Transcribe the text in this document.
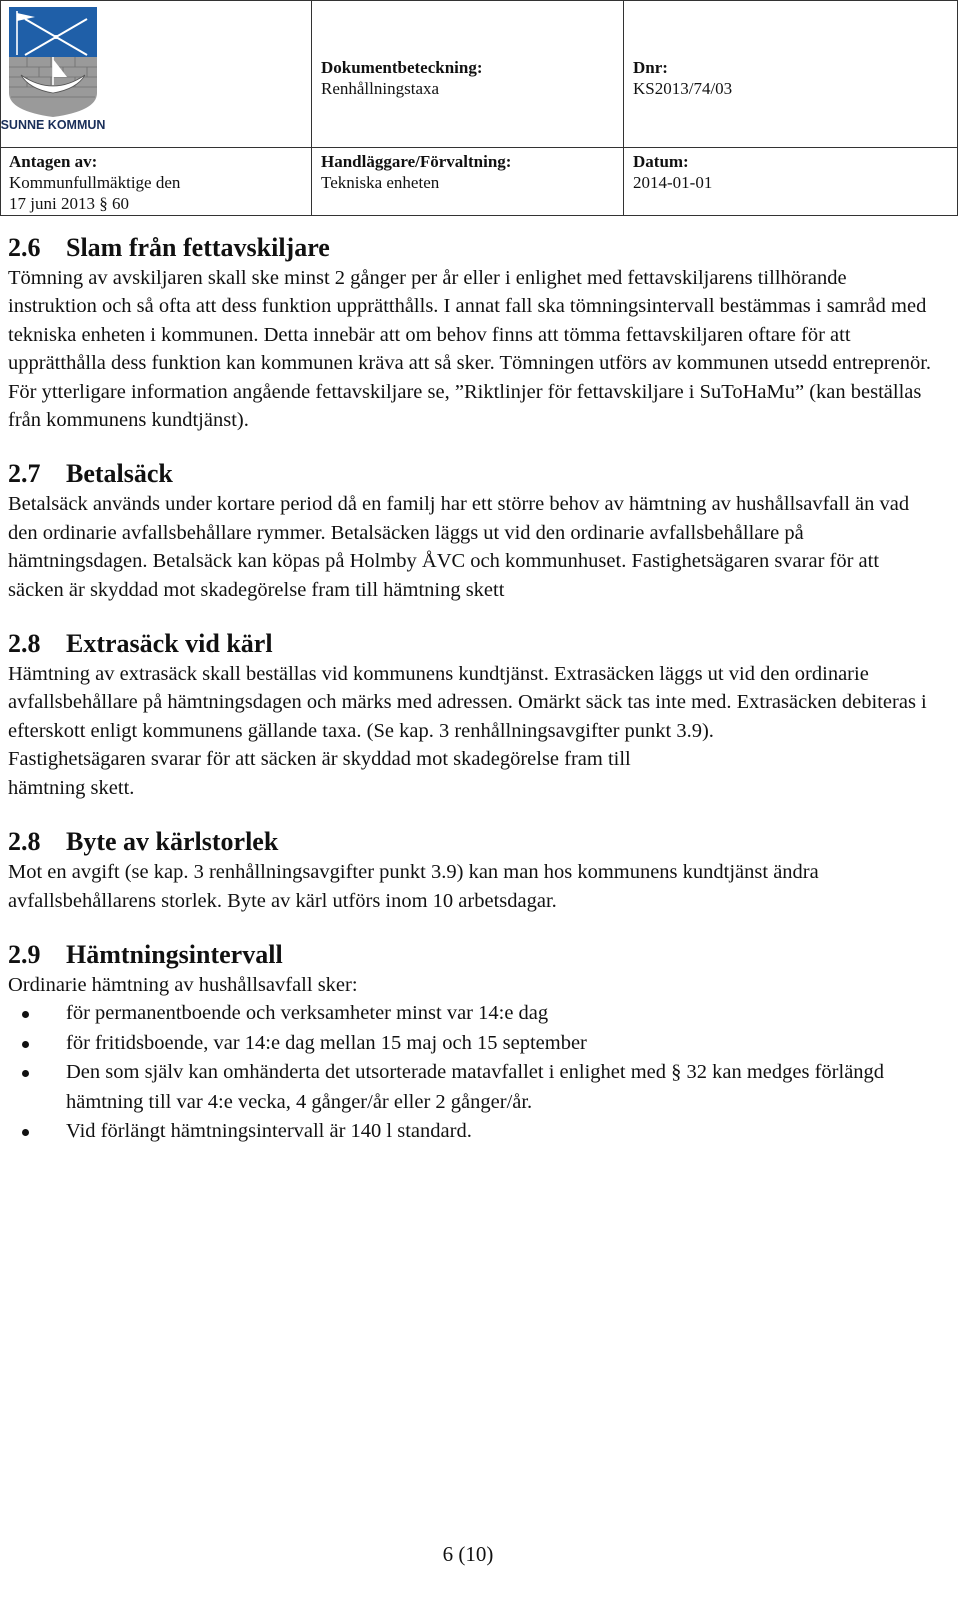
SUNNE KOMMUN
Dokumentbeteckning:
Renhållningstaxa
Dnr:
KS2013/74/03
Antagen av:
Kommunfullmäktige den
17 juni 2013 § 60
Handläggare/Förvaltning:
Tekniska enheten
Datum:
2014-01-01
2.6 Slam från fettavskiljare

Tömning av avskiljaren skall ske minst 2 gånger per år eller i enlighet med fettavskiljarens tillhörande instruktion och så ofta att dess funktion upprätthålls. I annat fall ska tömningsintervall bestämmas i samråd med tekniska enheten i kommunen. Detta innebär att om behov finns att tömma fettavskiljaren oftare för att upprätthålla dess funktion kan kommunen kräva att så sker. Tömningen utförs av kommunen utsedd entreprenör. För ytterligare information angående fettavskiljare se, ”Riktlinjer för fettavskiljare i SuToHaMu” (kan beställas från kommunens kundtjänst).

2.7 Betalsäck

Betalsäck används under kortare period då en familj har ett större behov av hämtning av hushållsavfall än vad den ordinarie avfallsbehållare rymmer. Betalsäcken läggs ut vid den ordinarie avfallsbehållare på hämtningsdagen. Betalsäck kan köpas på Holmby ÅVC och kommunhuset. Fastighetsägaren svarar för att säcken är skyddad mot skadegörelse fram till hämtning skett

2.8 Extrasäck vid kärl

Hämtning av extrasäck skall beställas vid kommunens kundtjänst. Extrasäcken läggs ut vid den ordinarie avfallsbehållare på hämtningsdagen och märks med adressen. Omärkt säck tas inte med. Extrasäcken debiteras i efterskott enligt kommunens gällande taxa. (Se kap. 3 renhållningsavgifter punkt 3.9).

Fastighetsägaren svarar för att säcken är skyddad mot skadegörelse fram till

hämtning skett.

2.8 Byte av kärlstorlek

Mot en avgift (se kap. 3 renhållningsavgifter punkt 3.9) kan man hos kommunens kundtjänst ändra avfallsbehållarens storlek. Byte av kärl utförs inom 10 arbetsdagar.

2.9 Hämtningsintervall

Ordinarie hämtning av hushållsavfall sker:

för permanentboende och verksamheter minst var 14:e dag
för fritidsboende, var 14:e dag mellan 15 maj och 15 september
Den som själv kan omhänderta det utsorterade matavfallet i enlighet med § 32 kan medges förlängd hämtning till var 4:e vecka, 4 gånger/år eller 2 gånger/år.
Vid förlängt hämtningsintervall är 140 l standard.
6 (10)
